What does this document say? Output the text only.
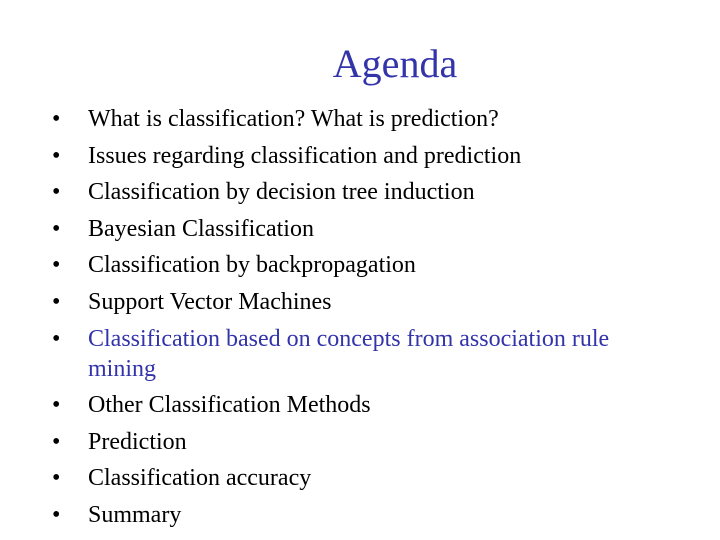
Agenda
•	What is classification? What is prediction?
•	Issues regarding classification and prediction
•	Classification by decision tree induction
•	Bayesian Classification
•	Classification by backpropagation
•	Support Vector Machines
•	Classification based on concepts from association rule mining
•	Other Classification Methods
•	Prediction
•	Classification accuracy
•	Summary
